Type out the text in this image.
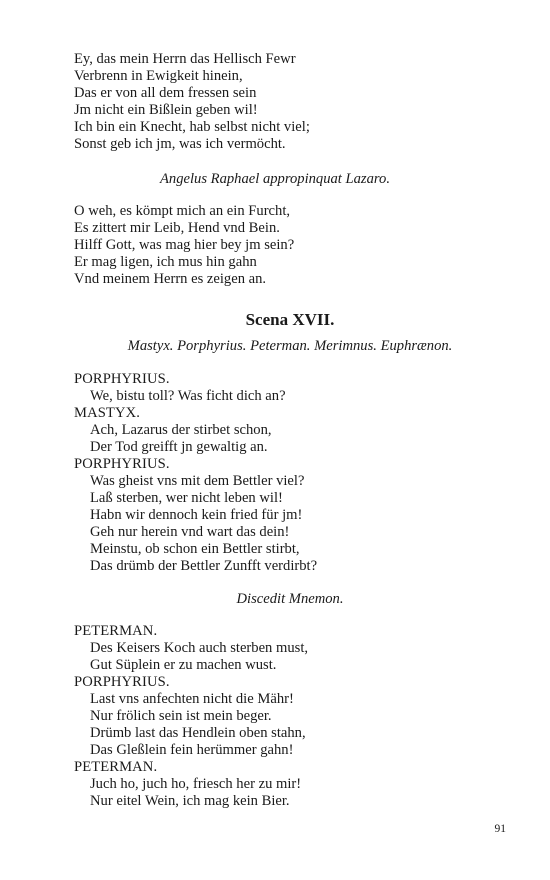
Ey, das mein Herrn das Hellisch Fewr
Verbrenn in Ewigkeit hinein,
Das er von all dem fressen sein
Jm nicht ein Bißlein geben wil!
Ich bin ein Knecht, hab selbst nicht viel;
Sonst geb ich jm, was ich vermöcht.
Angelus Raphael appropinquat Lazaro.
O weh, es kömpt mich an ein Furcht,
Es zittert mir Leib, Hend vnd Bein.
Hilff Gott, was mag hier bey jm sein?
Er mag ligen, ich mus hin gahn
Vnd meinem Herrn es zeigen an.
Scena XVII.
Mastyx. Porphyrius. Peterman. Merimnus. Euphrænon.
PORPHYRIUS.
We, bistu toll? Was ficht dich an?
MASTYX.
Ach, Lazarus der stirbet schon,
Der Tod greifft jn gewaltig an.
PORPHYRIUS.
Was gheist vns mit dem Bettler viel?
Laß sterben, wer nicht leben wil!
Habn wir dennoch kein fried für jm!
Geh nur herein vnd wart das dein!
Meinstu, ob schon ein Bettler stirbt,
Das drümb der Bettler Zunfft verdirbt?
Discedit Mnemon.
PETERMAN.
Des Keisers Koch auch sterben must,
Gut Süplein er zu machen wust.
PORPHYRIUS.
Last vns anfechten nicht die Mähr!
Nur frölich sein ist mein beger.
Drümb last das Hendlein oben stahn,
Das Gleßlein fein herümmer gahn!
PETERMAN.
Juch ho, juch ho, friesch her zu mir!
Nur eitel Wein, ich mag kein Bier.
91
